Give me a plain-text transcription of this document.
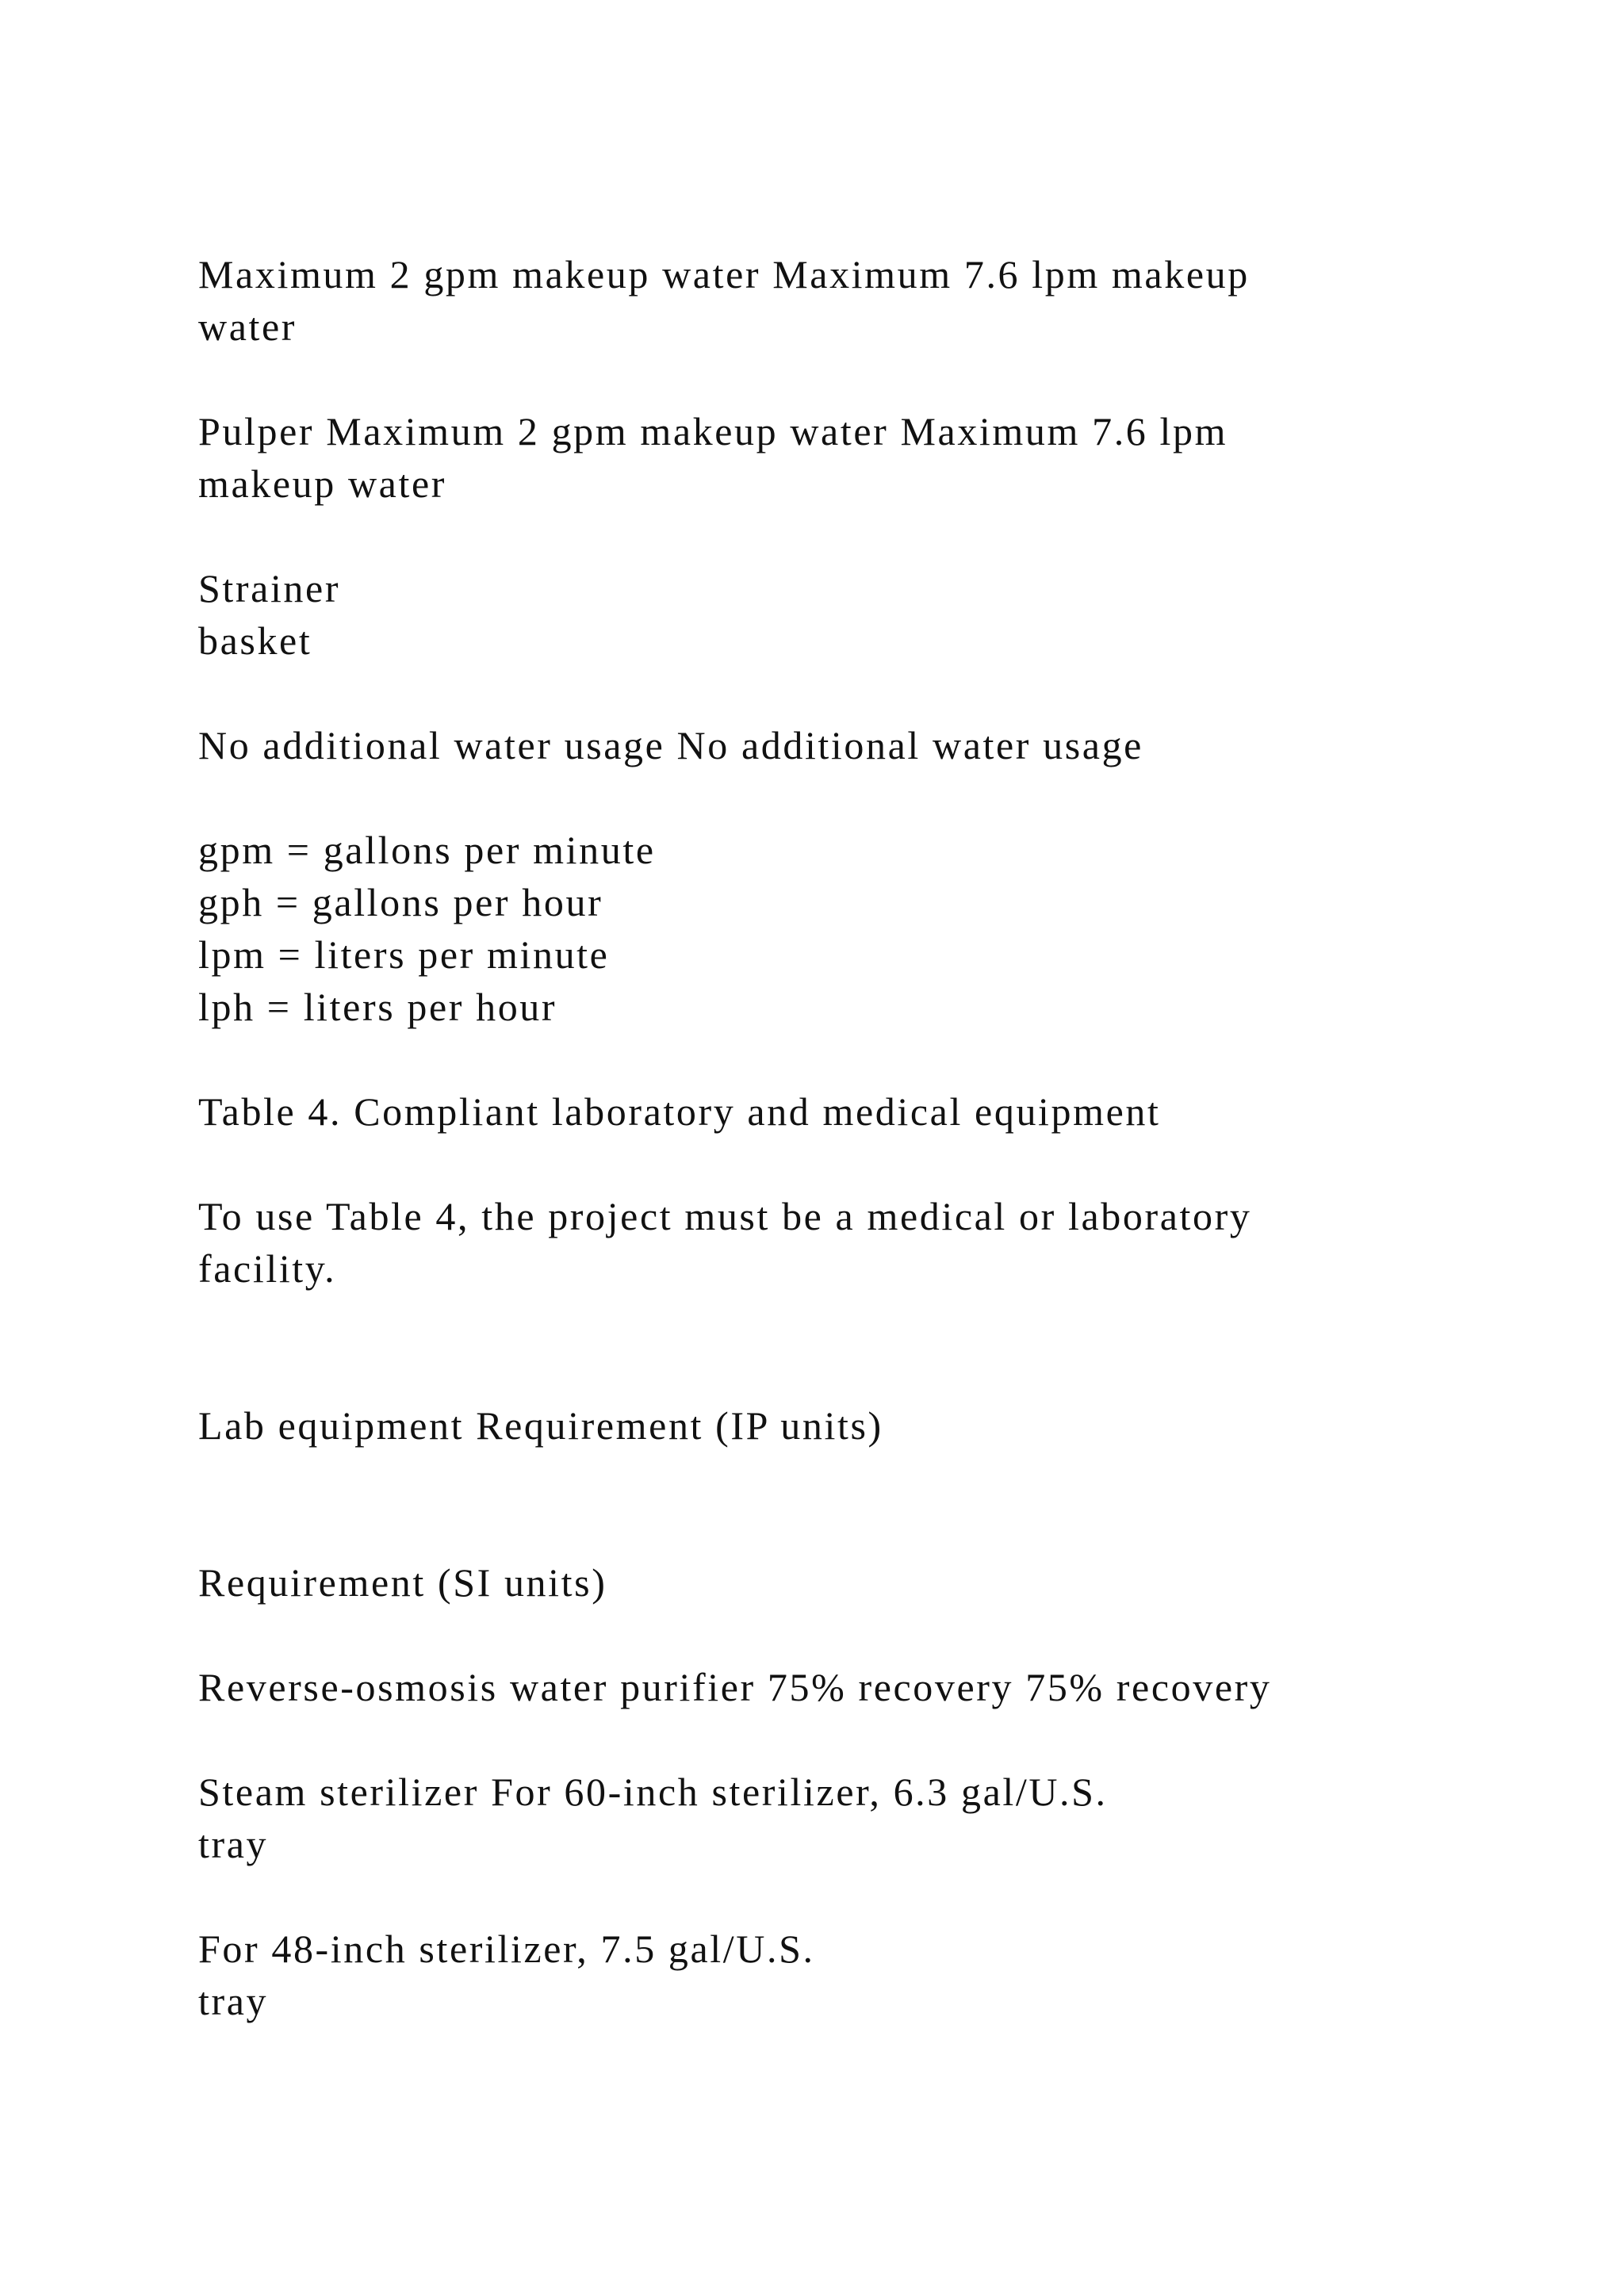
Maximum 2 gpm makeup water Maximum 7.6 lpm makeup

water

Pulper Maximum 2 gpm makeup water Maximum 7.6 lpm

makeup water

Strainer

basket

No additional water usage No additional water usage

gpm = gallons per minute

gph = gallons per hour

lpm = liters per minute

lph = liters per hour

Table 4. Compliant laboratory and medical equipment

To use Table 4, the project must be a medical or laboratory

facility.

Lab equipment Requirement (IP units)

Requirement (SI units)

Reverse-osmosis water purifier 75% recovery 75% recovery

Steam sterilizer For 60-inch sterilizer, 6.3 gal/U.S.

tray

For 48-inch sterilizer, 7.5 gal/U.S.

tray
